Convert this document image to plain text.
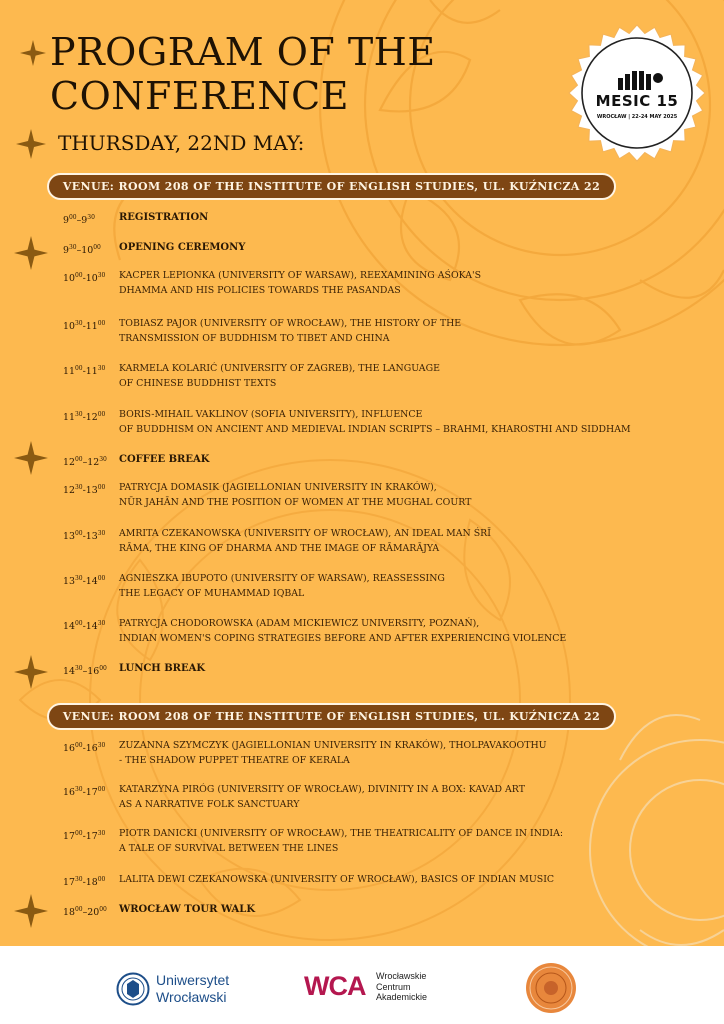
PROGRAM OF THE
CONFERENCE
THURSDAY, 22ND MAY:
MESIC 15
WROCŁAW | 22-24 MAY 2025
VENUE: ROOM 208 OF THE INSTITUTE OF ENGLISH STUDIES, UL. KUŹNICZA 22
$9^{00}-9^{30}$	REGISTRATION
$9^{30}-10^{00}$	OPENING CEREMONY
$10^{00}-10^{30}$	KACPER LEPIONKA (UNIVERSITY OF WARSAW), REEXAMINING AŚOKA'S
DHAMMA AND HIS POLICIES TOWARDS THE PASANDAS
$10^{30}-11^{00}$	TOBIASZ PAJOR (UNIVERSITY OF WROCŁAW), THE HISTORY OF THE
TRANSMISSION OF BUDDHISM TO TIBET AND CHINA
$11^{00}-11^{30}$	KARMELA KOLARIĆ (UNIVERSITY OF ZAGREB), THE LANGUAGE
OF CHINESE BUDDHIST TEXTS
$11^{30}-12^{00}$	BORIS-MIHAIL VAKLINOV (SOFIA UNIVERSITY), INFLUENCE
OF BUDDHISM ON ANCIENT AND MEDIEVAL INDIAN SCRIPTS – BRAHMI, KHAROSTHI AND SIDDHAM
$12^{00}-12^{30}$	COFFEE BREAK
$12^{30}-13^{00}$	PATRYCJA DOMASIK (JAGIELLONIAN UNIVERSITY IN KRAKÓW),
NŪR JAHĀN AND THE POSITION OF WOMEN AT THE MUGHAL COURT
$13^{00}-13^{30}$	AMRITA CZEKANOWSKA (UNIVERSITY OF WROCŁAW), AN IDEAL MAN ŚRĪ
RĀMA, THE KING OF DHARMA AND THE IMAGE OF RĀMARĀJYA
$13^{30}-14^{00}$	AGNIESZKA IBUPOTO (UNIVERSITY OF WARSAW), REASSESSING
THE LEGACY OF MUHAMMAD IQBAL
$14^{00}-14^{30}$	PATRYCJA CHODOROWSKA (ADAM MICKIEWICZ UNIVERSITY, POZNAŃ),
INDIAN WOMEN'S COPING STRATEGIES BEFORE AND AFTER EXPERIENCING VIOLENCE
$14^{30}-16^{00}$	LUNCH BREAK
VENUE: ROOM 208 OF THE INSTITUTE OF ENGLISH STUDIES, UL. KUŹNICZA 22
$16^{00}-16^{30}$	ZUZANNA SZYMCZYK (JAGIELLONIAN UNIVERSITY IN KRAKÓW), THOLPAVAKOOTHU
- THE SHADOW PUPPET THEATRE OF KERALA
$16^{30}-17^{00}$	KATARZYNA PIRÓG (UNIVERSITY OF WROCŁAW), DIVINITY IN A BOX: KAVAD ART
AS A NARRATIVE FOLK SANCTUARY
$17^{00}-17^{30}$	PIOTR DANICKI (UNIVERSITY OF WROCŁAW), THE THEATRICALITY OF DANCE IN INDIA:
A TALE OF SURVIVAL BETWEEN THE LINES
$17^{30}-18^{00}$	LALITA DEWI CZEKANOWSKA (UNIVERSITY OF WROCŁAW), BASICS OF INDIAN MUSIC
$18^{00}-20^{00}$	WROCŁAW TOUR WALK
Uniwersytet
Wrocławski	WCA Wrocławskie
Centrum
Akademickie
